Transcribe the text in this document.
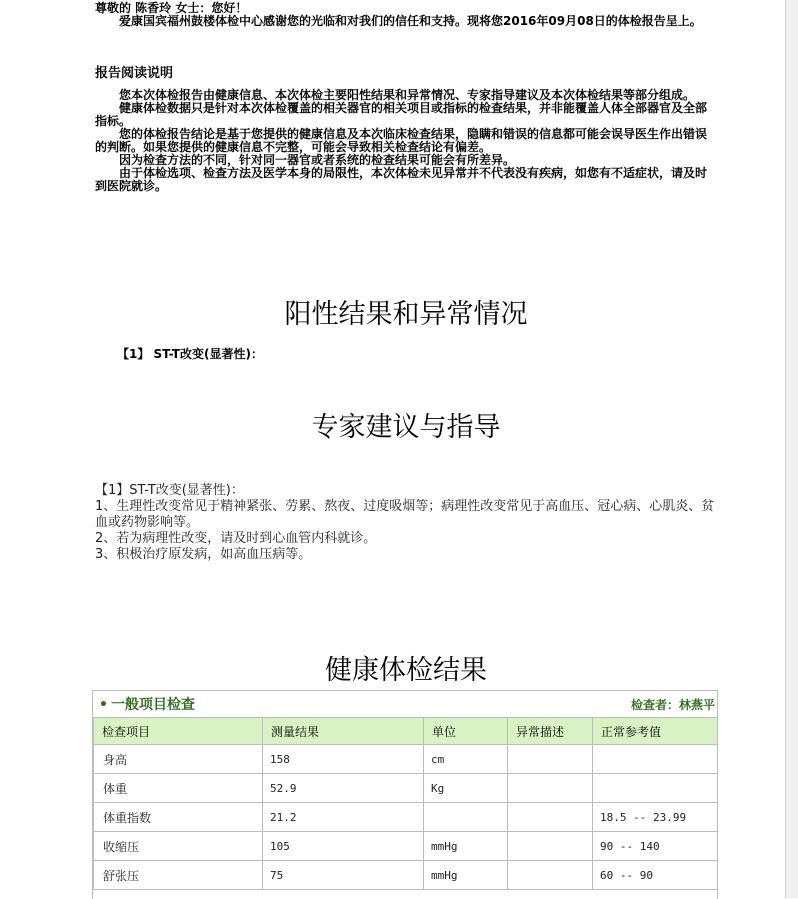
尊敬的 陈香玲 女士：您好！
爱康国宾福州鼓楼体检中心感谢您的光临和对我们的信任和支持。现将您2016年09月08日的体检报告呈上。
报告阅读说明
您本次体检报告由健康信息、本次体检主要阳性结果和异常情况、专家指导建议及本次体检结果等部分组成。
健康体检数据只是针对本次体检覆盖的相关器官的相关项目或指标的检查结果，并非能覆盖人体全部器官及全部指标。
您的体检报告结论是基于您提供的健康信息及本次临床检查结果，隐瞒和错误的信息都可能会误导医生作出错误的判断。如果您提供的健康信息不完整，可能会导致相关检查结论有偏差。
因为检查方法的不同，针对同一器官或者系统的检查结果可能会有所差异。
由于体检选项、检查方法及医学本身的局限性，本次体检未见异常并不代表没有疾病，如您有不适症状，请及时到医院就诊。
阳性结果和异常情况
【1】 ST-T改变(显著性)：
专家建议与指导
【1】ST-T改变(显著性)：
1、生理性改变常见于精神紧张、劳累、熬夜、过度吸烟等；病理性改变常见于高血压、冠心病、心肌炎、贫血或药物影响等。
2、若为病理性改变，请及时到心血管内科就诊。
3、积极治疗原发病，如高血压病等。
健康体检结果
• 一般项目检查	检查者：林燕平
检查项目	测量结果	单位	异常描述	正常参考值
身高	158	cm		
体重	52.9	Kg		
体重指数	21.2			18.5 -- 23.99
收缩压	105	mmHg		90 -- 140
舒张压	75	mmHg		60 -- 90
